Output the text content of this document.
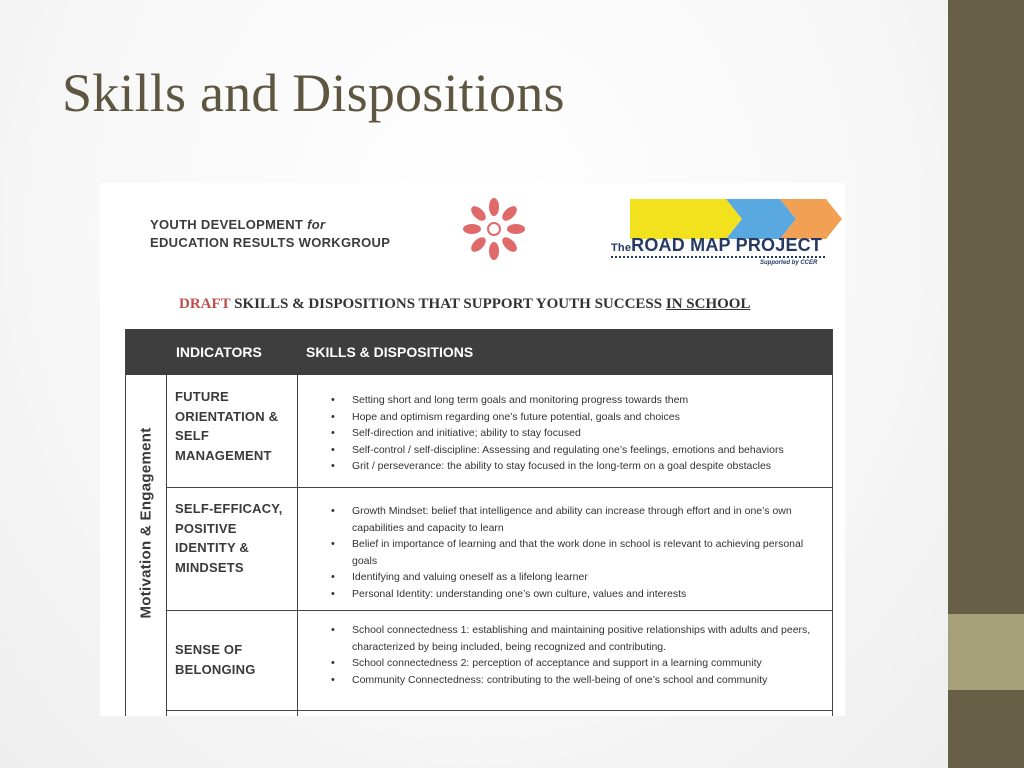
Skills and Dispositions
YOUTH DEVELOPMENT for
EDUCATION RESULTS WORKGROUP	TheROAD MAP PROJECT
Supported by CCER
DRAFT SKILLS & DISPOSITIONS THAT SUPPORT YOUTH SUCCESS IN SCHOOL
INDICATORS	SKILLS & DISPOSITIONS
Motivation & Engagement
FUTURE ORIENTATION & SELF MANAGEMENT
• Setting short and long term goals and monitoring progress towards them
• Hope and optimism regarding one’s future potential, goals and choices
• Self-direction and initiative; ability to stay focused
• Self-control / self-discipline: Assessing and regulating one’s feelings, emotions and behaviors
• Grit / perseverance: the ability to stay focused in the long-term on a goal despite obstacles
SELF-EFFICACY, POSITIVE IDENTITY & MINDSETS
• Growth Mindset: belief that intelligence and ability can increase through effort and in one’s own capabilities and capacity to learn
• Belief in importance of learning and that the work done in school is relevant to achieving personal goals
• Identifying and valuing oneself as a lifelong learner
• Personal Identity: understanding one’s own culture, values and interests
SENSE OF BELONGING
• School connectedness 1: establishing and maintaining positive relationships with adults and peers, characterized by being included, being recognized and contributing.
• School connectedness 2: perception of acceptance and support in a learning community
• Community Connectedness: contributing to the well-being of one’s school and community
